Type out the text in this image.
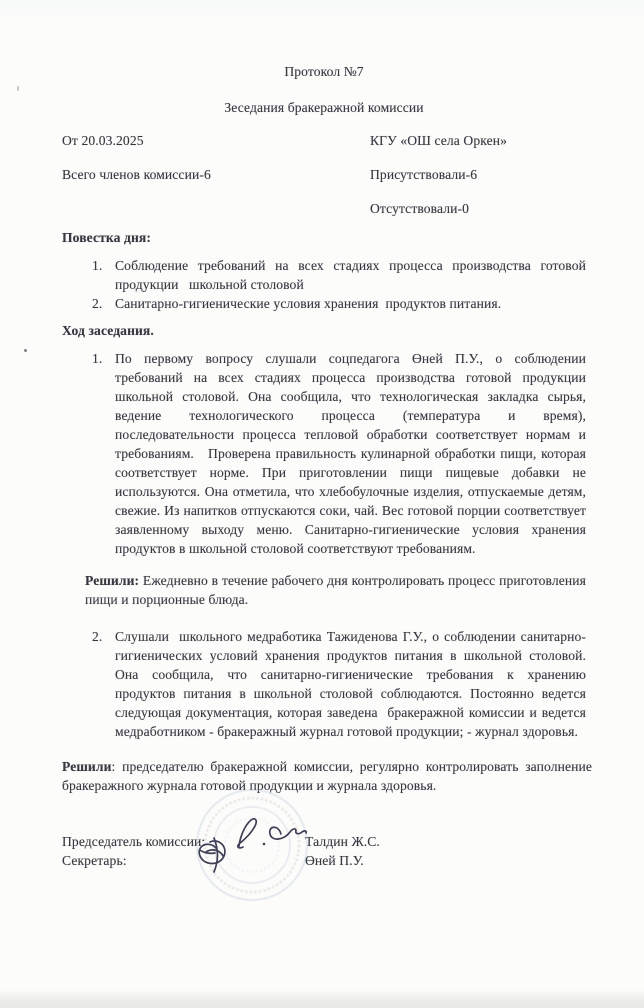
Протокол №7
Зеседания бракеражной комиссии
От 20.03.2025	КГУ «ОШ села Оркен»
Всего членов комиссии-6	Присутствовали-6
Отсутствовали-0
Повестка дня:
1. Соблюдение требований на всех стадиях процесса производства готовой продукции   школьной столовой
2. Санитарно-гигиенические условия хранения  продуктов питания.
Ход заседания.
1. По первому вопросу слушали соцпедагога Өней П.У., о соблюдении требований на всех стадиях процесса производства готовой продукции школьной столовой. Она сообщила, что технологическая закладка сырья, ведение технологического процесса (температура и время), последовательности процесса тепловой обработки соответствует нормам и требованиям.   Проверена правильность кулинарной обработки пищи, которая соответствует норме. При приготовлении пищи пищевые добавки не используются. Она отметила, что хлебобулочные изделия, отпускаемые детям, свежие. Из напитков отпускаются соки, чай. Вес готовой порции соответствует заявленному выходу меню. Санитарно-гигиенические условия хранения продуктов в школьной столовой соответствуют требованиям.
Решили: Ежедневно в течение рабочего дня контролировать процесс приготовления пищи и порционные блюда.
2. Слушали  школьного медработика Тажиденова Г.У., о соблюдении санитарно-гигиенических условий хранения продуктов питания в школьной столовой. Она сообщила, что санитарно-гигиенические требования к хранению продуктов питания в школьной столовой соблюдаются. Постоянно ведется следующая документация, которая заведена  бракеражной комиссии и ведется  медработником - бракеражный журнал готовой продукции; - журнал здоровья.
Решили: председателю бракеражной комиссии, регулярно контролировать заполнение бракеражного журнала готовой продукции и журнала здоровья.
Председатель комиссии:	Талдин Ж.С.
Секретарь:	Өней П.У.
